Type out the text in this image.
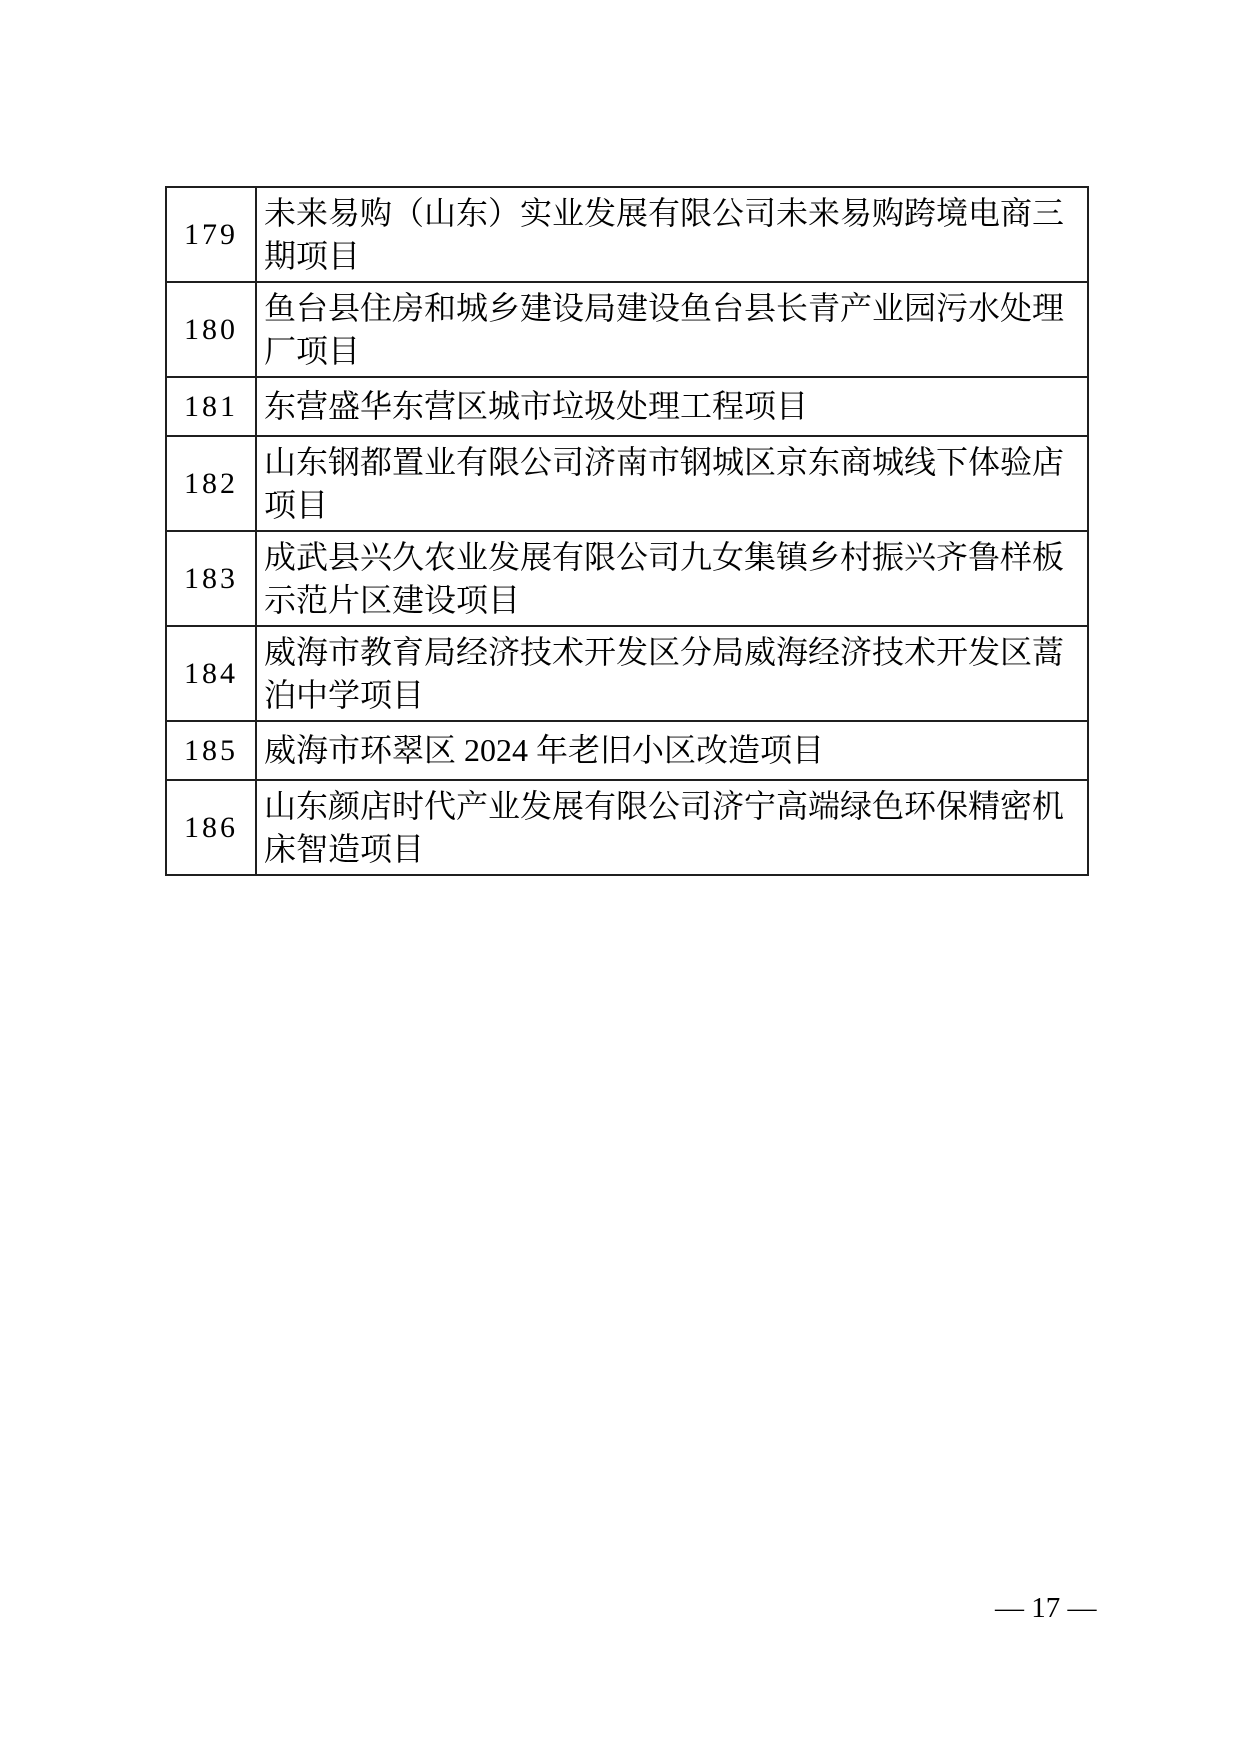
179	未来易购（山东）实业发展有限公司未来易购跨境电商三
期项目
180	鱼台县住房和城乡建设局建设鱼台县长青产业园污水处理
厂项目
181	东营盛华东营区城市垃圾处理工程项目
182	山东钢都置业有限公司济南市钢城区京东商城线下体验店
项目
183	成武县兴久农业发展有限公司九女集镇乡村振兴齐鲁样板
示范片区建设项目
184	威海市教育局经济技术开发区分局威海经济技术开发区蒿
泊中学项目
185	威海市环翠区 2024 年老旧小区改造项目
186	山东颜店时代产业发展有限公司济宁高端绿色环保精密机
床智造项目
— 17 —
